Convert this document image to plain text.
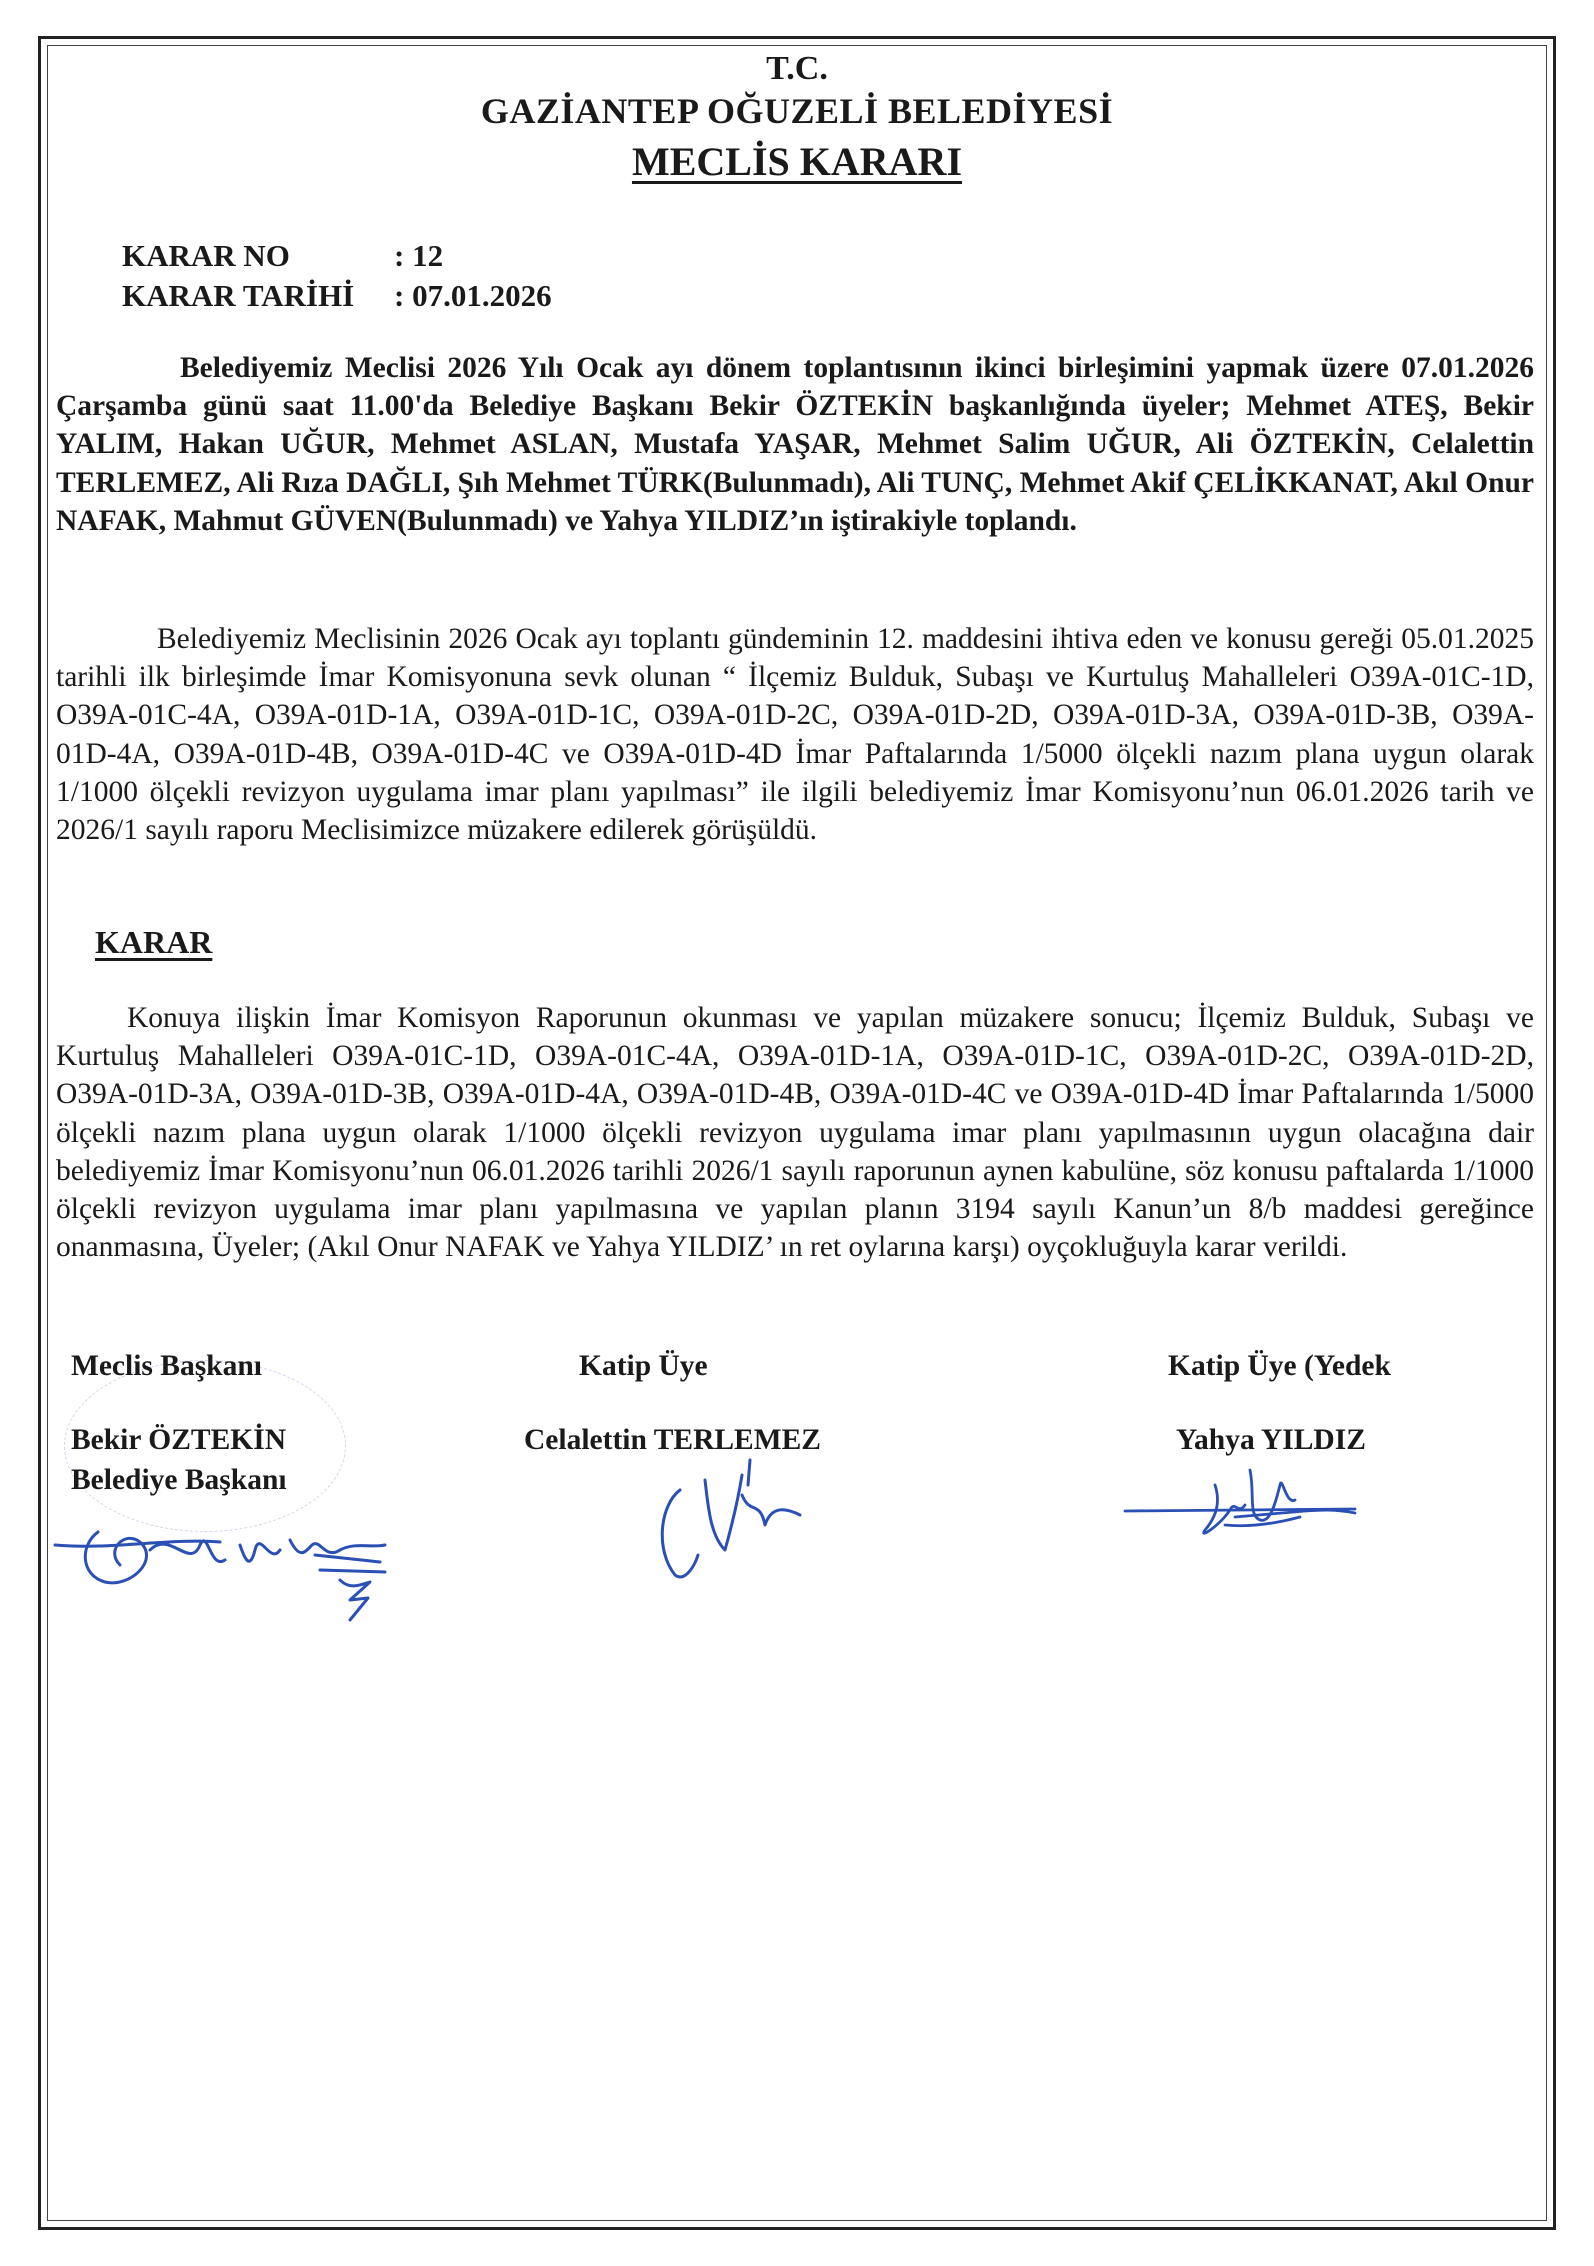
T.C.
GAZİANTEP OĞUZELİ BELEDİYESİ
MECLİS KARARI
KARAR NO	: 12
KARAR TARİHİ : 07.01.2026

Belediyemiz Meclisi 2026 Yılı Ocak ayı dönem toplantısının ikinci birleşimini yapmak üzere 07.01.2026 Çarşamba günü saat 11.00'da Belediye Başkanı Bekir ÖZTEKİN başkanlığında üyeler; Mehmet ATEŞ, Bekir YALIM, Hakan UĞUR, Mehmet ASLAN, Mustafa YAŞAR, Mehmet Salim UĞUR, Ali ÖZTEKİN, Celalettin TERLEMEZ, Ali Rıza DAĞLI, Şıh Mehmet TÜRK(Bulunmadı), Ali TUNÇ, Mehmet Akif ÇELİKKANAT, Akıl Onur NAFAK, Mahmut GÜVEN(Bulunmadı) ve Yahya YILDIZ’ın iştirakiyle toplandı.

Belediyemiz Meclisinin 2026 Ocak ayı toplantı gündeminin 12. maddesini ihtiva eden ve konusu gereği 05.01.2025 tarihli ilk birleşimde İmar Komisyonuna sevk olunan “ İlçemiz Bulduk, Subaşı ve Kurtuluş Mahalleleri O39A-01C-1D, O39A-01C-4A, O39A-01D-1A, O39A-01D-1C, O39A-01D-2C, O39A-01D-2D, O39A-01D-3A, O39A-01D-3B, O39A-01D-4A, O39A-01D-4B, O39A-01D-4C ve O39A-01D-4D İmar Paftalarında 1/5000 ölçekli nazım plana uygun olarak 1/1000 ölçekli revizyon uygulama imar planı yapılması” ile ilgili belediyemiz İmar Komisyonu’nun 06.01.2026 tarih ve 2026/1 sayılı raporu Meclisimizce müzakere edilerek görüşüldü.

KARAR

Konuya ilişkin İmar Komisyon Raporunun okunması ve yapılan müzakere sonucu; İlçemiz Bulduk, Subaşı ve Kurtuluş Mahalleleri O39A-01C-1D, O39A-01C-4A, O39A-01D-1A, O39A-01D-1C, O39A-01D-2C, O39A-01D-2D, O39A-01D-3A, O39A-01D-3B, O39A-01D-4A, O39A-01D-4B, O39A-01D-4C ve O39A-01D-4D İmar Paftalarında 1/5000 ölçekli nazım plana uygun olarak 1/1000 ölçekli revizyon uygulama imar planı yapılmasının uygun olacağına dair belediyemiz İmar Komisyonu’nun 06.01.2026 tarihli 2026/1 sayılı raporunun aynen kabulüne, söz konusu paftalarda 1/1000 ölçekli revizyon uygulama imar planı yapılmasına ve yapılan planın 3194 sayılı Kanun’un 8/b maddesi gereğince onanmasına, Üyeler; (Akıl Onur NAFAK ve Yahya YILDIZ’ ın ret oylarına karşı) oyçokluğuyla karar verildi.

Meclis Başkanı
Bekir ÖZTEKİN
Belediye Başkanı
Katip Üye
Celalettin TERLEMEZ
Katip Üye (Yedek
Yahya YILDIZ
